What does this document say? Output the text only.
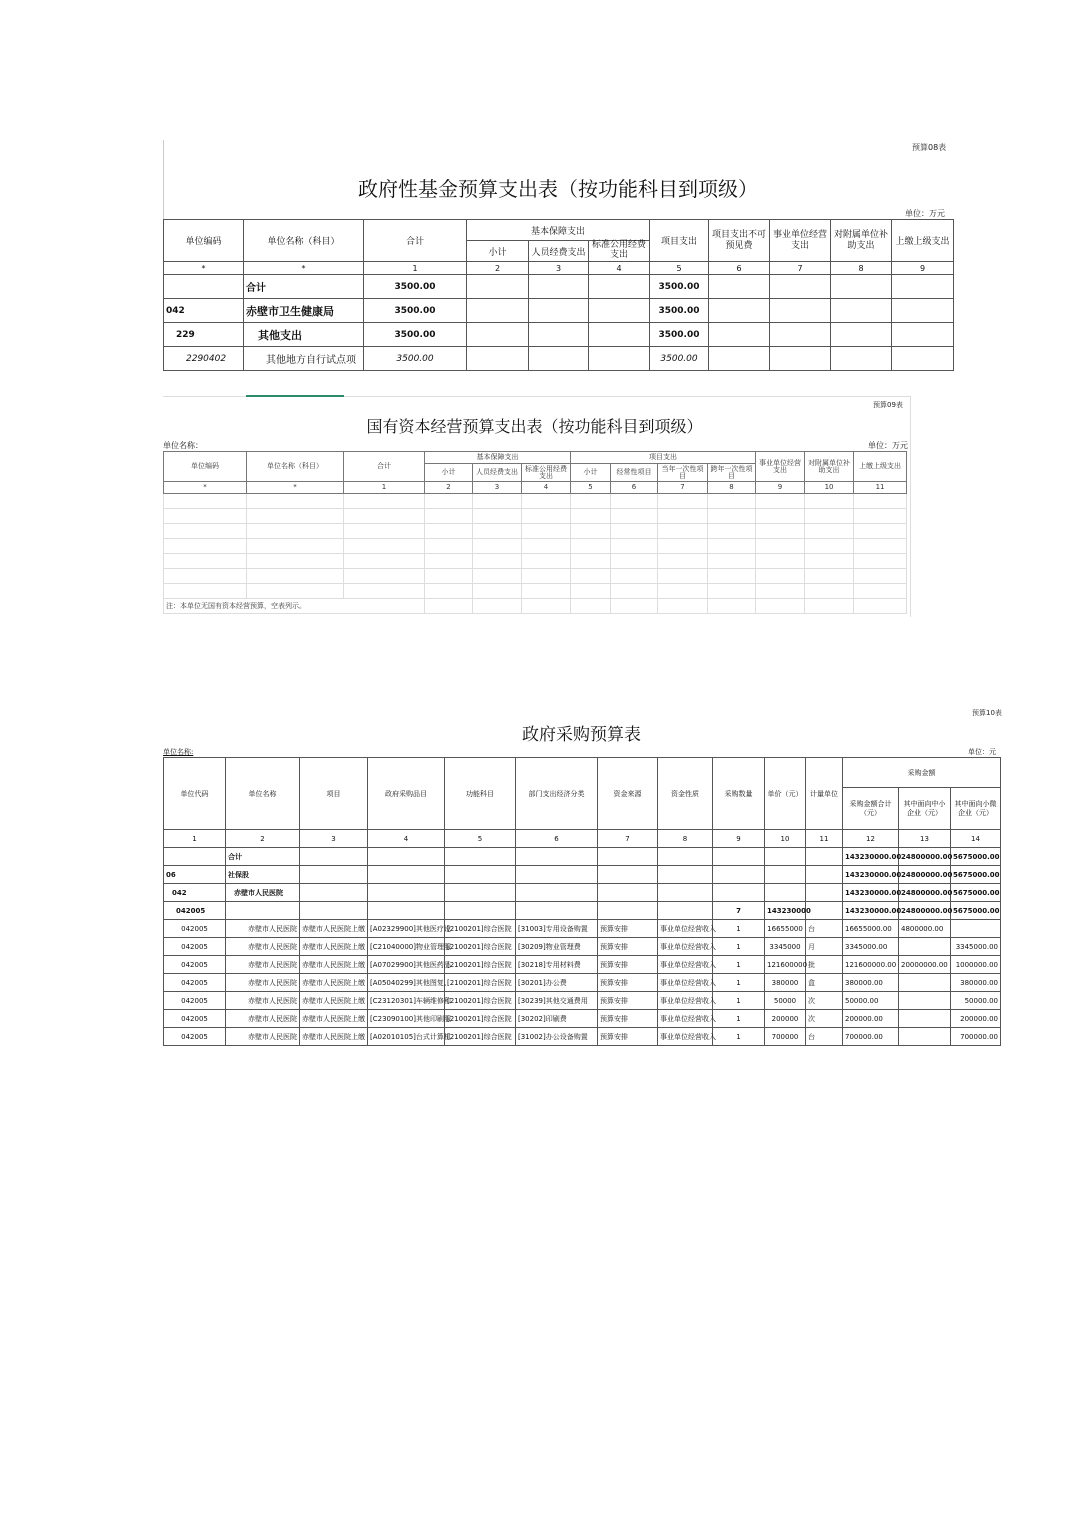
预算08表
政府性基金预算支出表（按功能科目到项级）
单位：万元
单位编码	单位名称（科目）	合计	基本保障支出			项目支出	项目支出不可预见费	事业单位经营支出	对附属单位补助支出	上缴上级支出
			小计	人员经费支出	标准公用经费支出					
*	*	1	2	3	4	5	6	7	8	9
	合计	3500.00				3500.00				
042	赤壁市卫生健康局	3500.00				3500.00				
229	其他支出	3500.00				3500.00				
2290402	其他地方自行试点项	3500.00				3500.00				
预算09表
国有资本经营预算支出表（按功能科目到项级）
单位名称：	单位：万元
单位编码	单位名称（科目）	合计	基本保障支出			项目支出				事业单位经营支出	对附属单位补助支出	上缴上级支出
			小计	人员经费支出	标准公用经费支出	小计	经常性项目	当年一次性项目	跨年一次性项目			
*	*	1	2	3	4	5	6	7	8	9	10	11

注：本单位无国有资本经营预算，空表列示。												
预算10表
政府采购预算表
单位名称:	单位：元
单位代码	单位名称	项目	政府采购品目	功能科目	部门支出经济分类	资金来源	资金性质	采购数量	单价（元）	计量单位	采购金额		
											采购金额合计（元）	其中面向中小企业（元）	其中面向小微企业（元）
1	2	3	4	5	6	7	8	9	10	11	12	13	14
	合计										143230000.00	24800000.00	5675000.00
06	社保股										143230000.00	24800000.00	5675000.00
042	赤壁市人民医院										143230000.00	24800000.00	5675000.00
042005								7	143230000		143230000.00	24800000.00	5675000.00
042005	赤壁市人民医院	赤壁市人民医院上缴	[A02329900]其他医疗设	[2100201]综合医院	[31003]专用设备购置	预算安排	事业单位经营收入	1	16655000	台	16655000.00	4800000.00	
042005	赤壁市人民医院	赤壁市人民医院上缴	[C21040000]物业管理服	[2100201]综合医院	[30209]物业管理费	预算安排	事业单位经营收入	1	3345000	月	3345000.00		3345000.00
042005	赤壁市人民医院	赤壁市人民医院上缴	[A07029900]其他医药品	[2100201]综合医院	[30218]专用材料费	预算安排	事业单位经营收入	1	121600000	批	121600000.00	20000000.00	1000000.00
042005	赤壁市人民医院	赤壁市人民医院上缴	[A05040299]其他图复、	[2100201]综合医院	[30201]办公费	预算安排	事业单位经营收入	1	380000	盒	380000.00		380000.00
042005	赤壁市人民医院	赤壁市人民医院上缴	[C23120301]车辆维修和	[2100201]综合医院	[30239]其他交通费用	预算安排	事业单位经营收入	1	50000	次	50000.00		50000.00
042005	赤壁市人民医院	赤壁市人民医院上缴	[C23090100]其他印刷服	[2100201]综合医院	[30202]印刷费	预算安排	事业单位经营收入	1	200000	次	200000.00		200000.00
042005	赤壁市人民医院	赤壁市人民医院上缴	[A02010105]台式计算机	[2100201]综合医院	[31002]办公设备购置	预算安排	事业单位经营收入	1	700000	台	700000.00		700000.00
